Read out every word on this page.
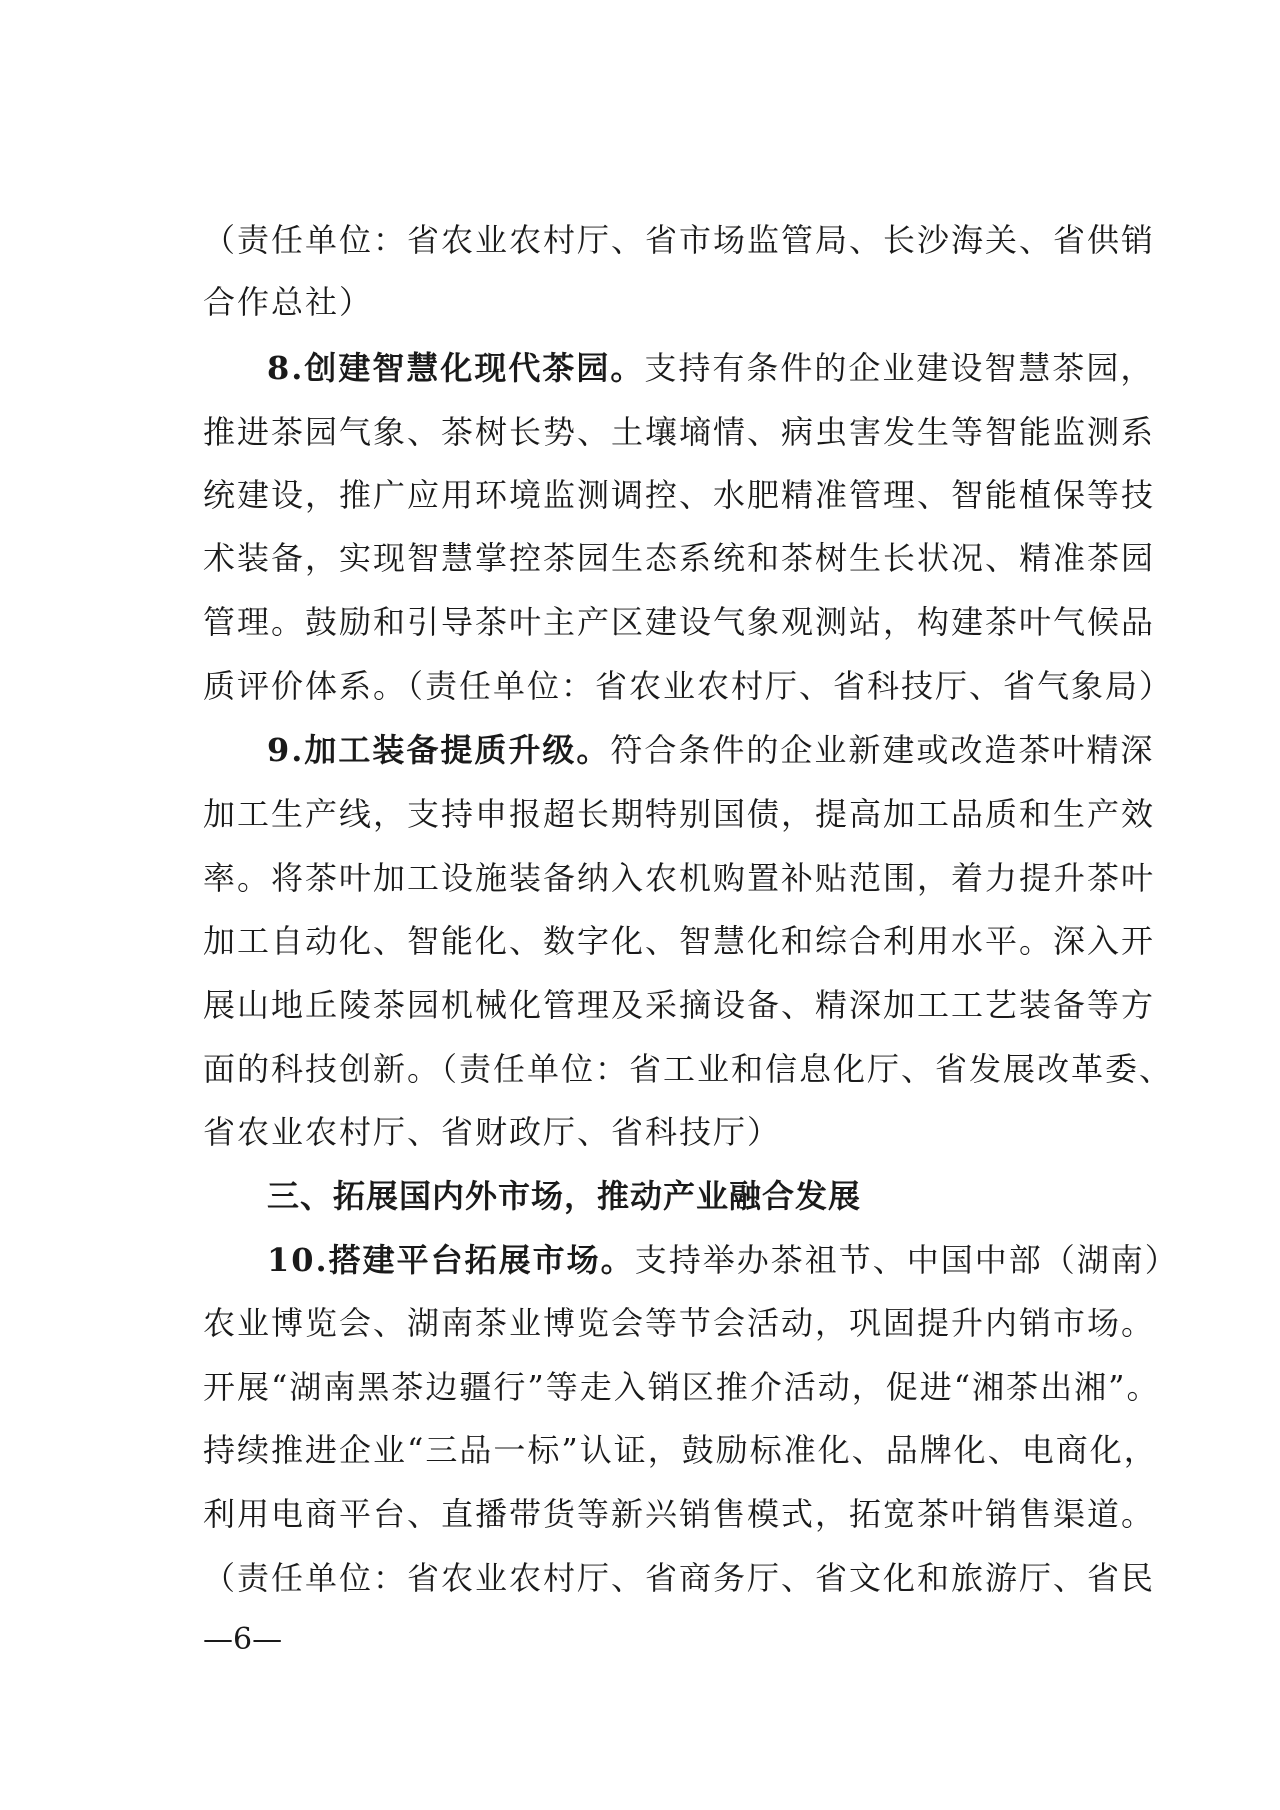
（责任单位：省农业农村厅、省市场监管局、长沙海关、省供销
合作总社）
8.创建智慧化现代茶园。支持有条件的企业建设智慧茶园，
推进茶园气象、茶树长势、土壤墒情、病虫害发生等智能监测系
统建设，推广应用环境监测调控、水肥精准管理、智能植保等技
术装备，实现智慧掌控茶园生态系统和茶树生长状况、精准茶园
管理。鼓励和引导茶叶主产区建设气象观测站，构建茶叶气候品
质评价体系。（责任单位：省农业农村厅、省科技厅、省气象局）
9.加工装备提质升级。符合条件的企业新建或改造茶叶精深
加工生产线，支持申报超长期特别国债，提高加工品质和生产效
率。将茶叶加工设施装备纳入农机购置补贴范围，着力提升茶叶
加工自动化、智能化、数字化、智慧化和综合利用水平。深入开
展山地丘陵茶园机械化管理及采摘设备、精深加工工艺装备等方
面的科技创新。（责任单位：省工业和信息化厅、省发展改革委、
省农业农村厅、省财政厅、省科技厅）
三、拓展国内外市场，推动产业融合发展
10.搭建平台拓展市场。支持举办茶祖节、中国中部（湖南）
农业博览会、湖南茶业博览会等节会活动，巩固提升内销市场。
开展“湖南黑茶边疆行”等走入销区推介活动，促进“湘茶出湘”。
持续推进企业“三品一标”认证，鼓励标准化、品牌化、电商化，
利用电商平台、直播带货等新兴销售模式，拓宽茶叶销售渠道。
（责任单位：省农业农村厅、省商务厅、省文化和旅游厅、省民
—6—
